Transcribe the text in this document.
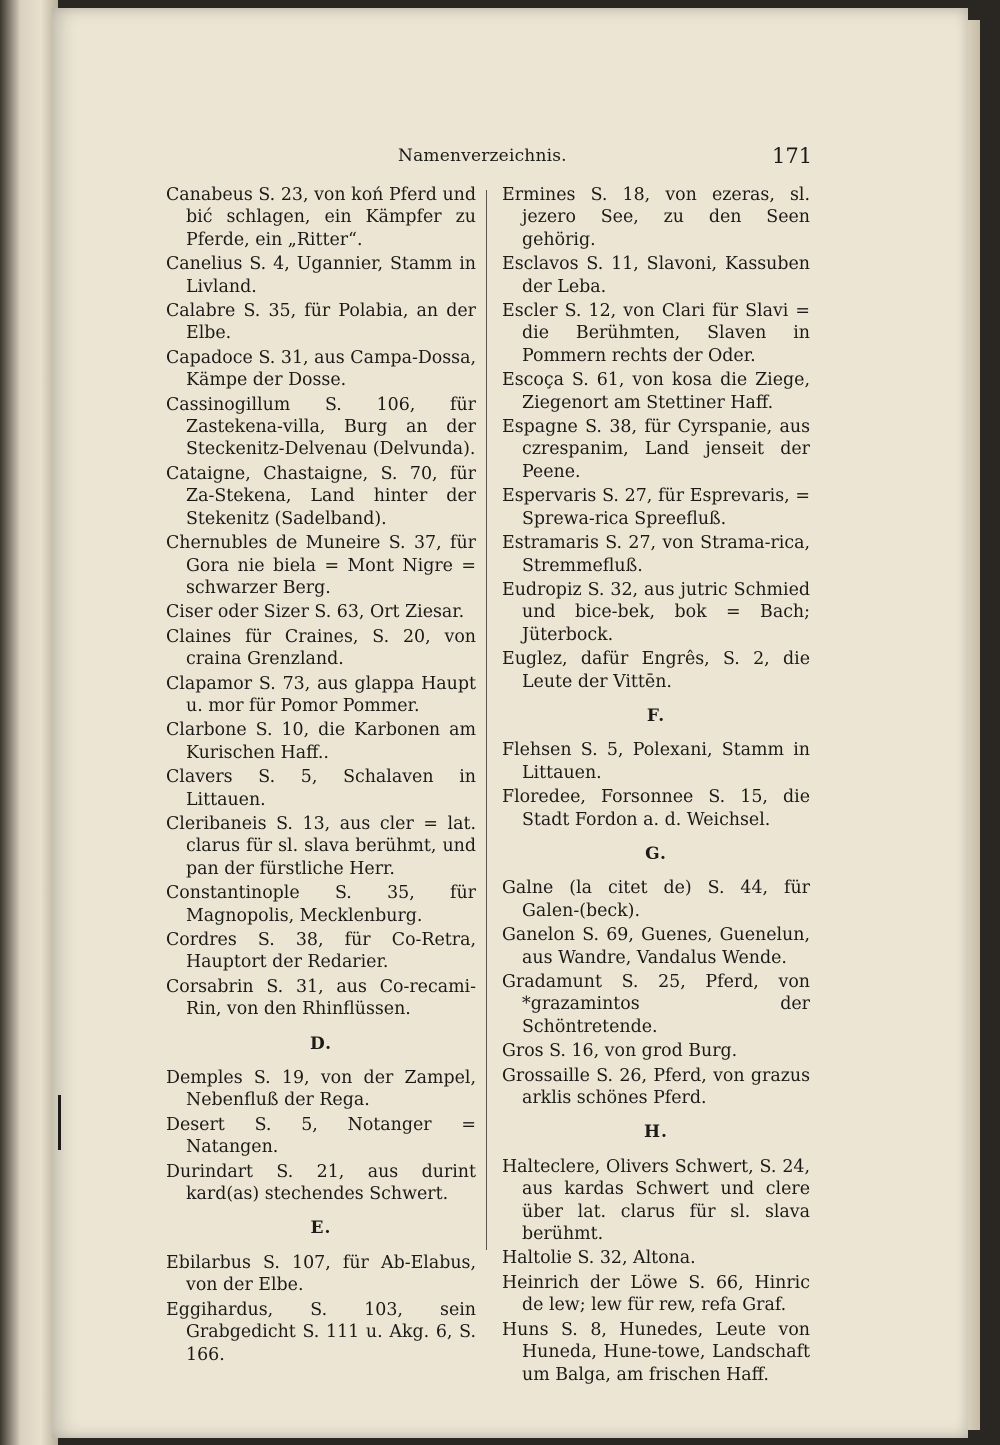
Namenverzeichnis.	171
Canabeus S. 23, von koń Pferd und bić schlagen, ein Kämpfer zu Pferde, ein „Ritter“.
Canelius S. 4, Ugannier, Stamm in Livland.
Calabre S. 35, für Polabia, an der Elbe.
Capadoce S. 31, aus Campa-Dossa, Kämpe der Dosse.
Cassinogillum S. 106, für Zastekena-villa, Burg an der Steckenitz-Delvenau (Delvunda).
Cataigne, Chastaigne, S. 70, für Za-Stekena, Land hinter der Stekenitz (Sadelband).
Chernubles de Muneire S. 37, für Gora nie biela = Mont Nigre = schwarzer Berg.
Ciser oder Sizer S. 63, Ort Ziesar.
Claines für Craines, S. 20, von craina Grenzland.
Clapamor S. 73, aus glappa Haupt u. mor für Pomor Pommer.
Clarbone S. 10, die Karbonen am Kurischen Haff..
Clavers S. 5, Schalaven in Littauen.
Cleribaneis S. 13, aus cler = lat. clarus für sl. slava berühmt, und pan der fürstliche Herr.
Constantinople S. 35, für Magnopolis, Mecklenburg.
Cordres S. 38, für Co-Retra, Hauptort der Redarier.
Corsabrin S. 31, aus Co-recami-Rin, von den Rhinflüssen.
D.
Demples S. 19, von der Zampel, Nebenfluß der Rega.
Desert S. 5, Notanger = Natangen.
Durindart S. 21, aus durint kard(as) stechendes Schwert.
E.
Ebilarbus S. 107, für Ab-Elabus, von der Elbe.
Eggihardus, S. 103, sein Grabgedicht S. 111 u. Akg. 6, S. 166.
Ermines S. 18, von ezeras, sl. jezero See, zu den Seen gehörig.
Esclavos S. 11, Slavoni, Kassuben der Leba.
Escler S. 12, von Clari für Slavi = die Berühmten, Slaven in Pommern rechts der Oder.
Escoça S. 61, von kosa die Ziege, Ziegenort am Stettiner Haff.
Espagne S. 38, für Cyrspanie, aus czrespanim, Land jenseit der Peene.
Espervaris S. 27, für Esprevaris, = Sprewa-rica Spreefluß.
Estramaris S. 27, von Strama-rica, Stremmefluß.
Eudropiz S. 32, aus jutric Schmied und bice-bek, bok = Bach; Jüterbock.
Euglez, dafür Engrês, S. 2, die Leute der Vittēn.
F.
Flehsen S. 5, Polexani, Stamm in Littauen.
Floredee, Forsonnee S. 15, die Stadt Fordon a. d. Weichsel.
G.
Galne (la citet de) S. 44, für Galen-(beck).
Ganelon S. 69, Guenes, Guenelun, aus Wandre, Vandalus Wende.
Gradamunt S. 25, Pferd, von *grazamintos der Schöntretende.
Gros S. 16, von grod Burg.
Grossaille S. 26, Pferd, von grazus arklis schönes Pferd.
H.
Halteclere, Olivers Schwert, S. 24, aus kardas Schwert und clere über lat. clarus für sl. slava berühmt.
Haltolie S. 32, Altona.
Heinrich der Löwe S. 66, Hinric de lew; lew für rew, refa Graf.
Huns S. 8, Hunedes, Leute von Huneda, Hune-towe, Landschaft um Balga, am frischen Haff.
